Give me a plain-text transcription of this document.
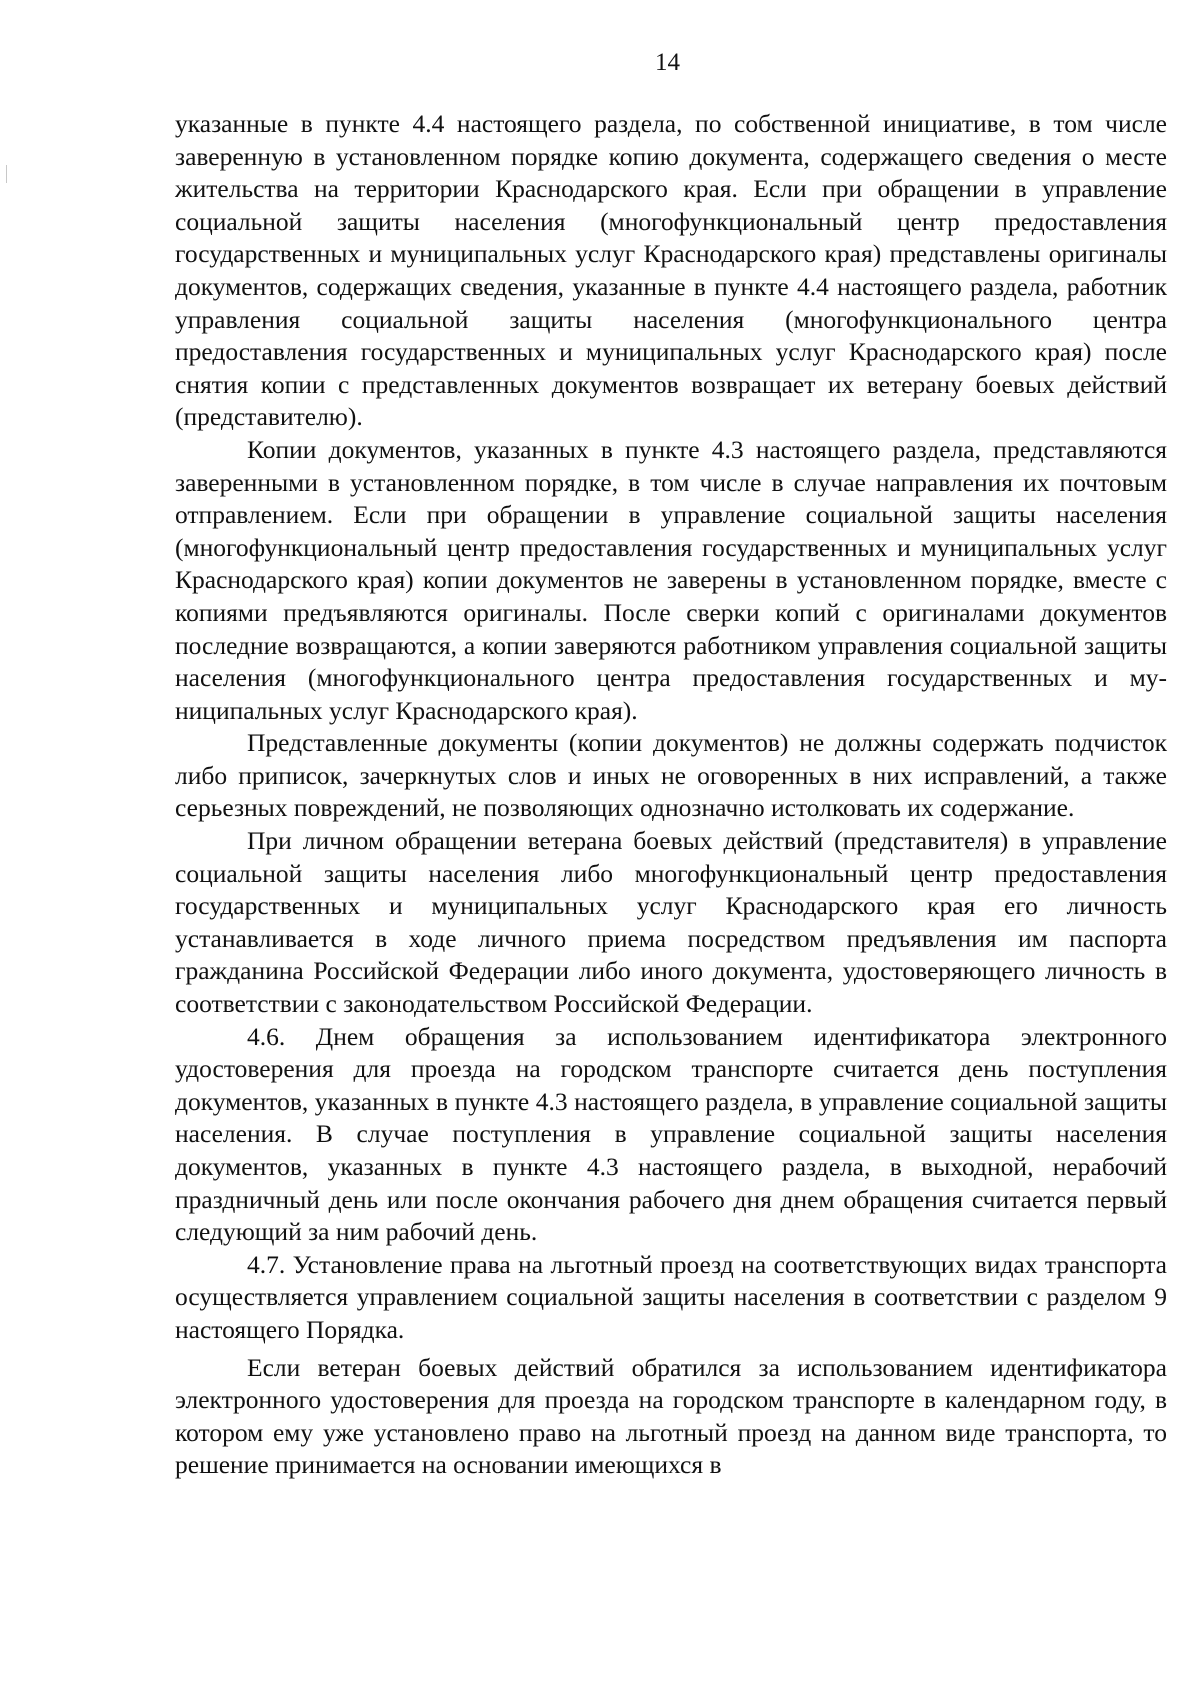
14

указанные в пункте 4.4 настоящего раздела, по собственной инициативе, в том числе заверенную в установленном порядке копию документа, содержащего сведения о месте жительства на территории Краснодарского края. Если при обращении в управление социальной защиты населения (многофункциональный центр предоставления государственных и муниципальных услуг Краснодарского края) представлены оригиналы документов, содержащих сведения, указанные в пункте 4.4 настоящего раздела, работник управления социальной защиты населения (многофункционального центра предоставления государственных и муниципальных услуг Краснодарского края) после снятия копии с представленных документов возвращает их ветерану боевых действий (представителю).

Копии документов, указанных в пункте 4.3 настоящего раздела, представляются заверенными в установленном порядке, в том числе в случае направления их почтовым отправлением. Если при обращении в управление социальной защиты населения (многофункциональный центр предоставления государственных и муниципальных услуг Краснодарского края) копии документов не заверены в установленном порядке, вместе с копиями предъявляются оригиналы. После сверки копий с оригиналами документов последние возвращаются, а копии заверяются работником управления социальной защиты населения (многофункционального центра предоставления государственных и муниципальных услуг Краснодарского края).

Представленные документы (копии документов) не должны содержать подчисток либо приписок, зачеркнутых слов и иных не оговоренных в них исправлений, а также серьезных повреждений, не позволяющих однозначно истолковать их содержание.

При личном обращении ветерана боевых действий (представителя) в управление социальной защиты населения либо многофункциональный центр предоставления государственных и муниципальных услуг Краснодарского края его личность устанавливается в ходе личного приема посредством предъявления им паспорта гражданина Российской Федерации либо иного документа, удостоверяющего личность в соответствии с законодательством Российской Федерации.

4.6. Днем обращения за использованием идентификатора электронного удостоверения для проезда на городском транспорте считается день поступления документов, указанных в пункте 4.3 настоящего раздела, в управление социальной защиты населения. В случае поступления в управление социальной защиты населения документов, указанных в пункте 4.3 настоящего раздела, в выходной, нерабочий праздничный день или после окончания рабочего дня днем обращения считается первый следующий за ним рабочий день.

4.7. Установление права на льготный проезд на соответствующих видах транспорта осуществляется управлением социальной защиты населения в соответствии с разделом 9 настоящего Порядка.

Если ветеран боевых действий обратился за использованием идентификатора электронного удостоверения для проезда на городском транспорте в календарном году, в котором ему уже установлено право на льготный проезд на данном виде транспорта, то решение принимается на основании имеющихся в
